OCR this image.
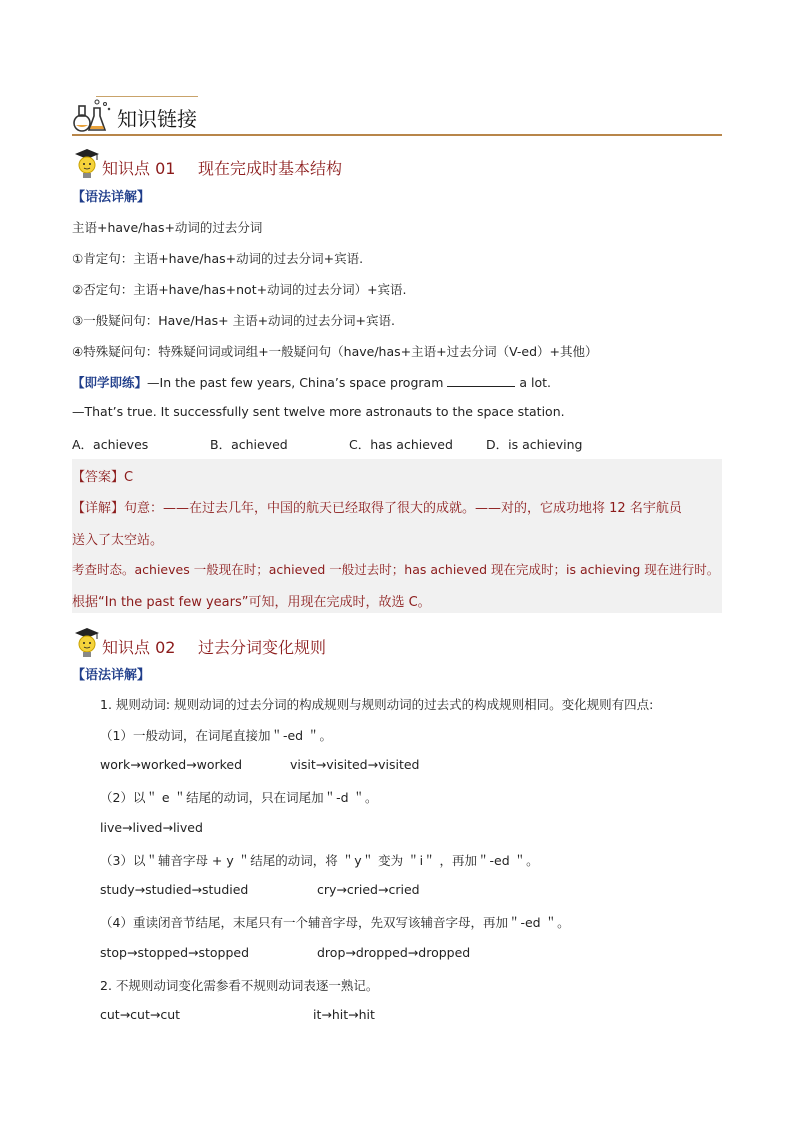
知识链接
知识点 01 现在完成时基本结构
【语法详解】
主语+have/has+动词的过去分词
①肯定句：主语+have/has+动词的过去分词+宾语.
②否定句：主语+have/has+not+动词的过去分词）+宾语.
③一般疑问句：Have/Has+ 主语+动词的过去分词+宾语.
④特殊疑问句：特殊疑问词或词组+一般疑问句（have/has+主语+过去分词（V-ed）+其他）
【即学即练】—In the past few years, China’s space program	a lot.
—That’s true. It successfully sent twelve more astronauts to the space station.
A．achieves	B．achieved	C．has achieved	D．is achieving
【答案】C
【详解】句意：——在过去几年，中国的航天已经取得了很大的成就。——对的，它成功地将 12 名宇航员
送入了太空站。
考查时态。achieves 一般现在时；achieved 一般过去时；has achieved 现在完成时；is achieving 现在进行时。
根据“In the past few years”可知，用现在完成时，故选 C。
知识点 02 过去分词变化规则
【语法详解】
1. 规则动词: 规则动词的过去分词的构成规则与规则动词的过去式的构成规则相同。变化规则有四点:
（1）一般动词，在词尾直接加＂-ed ＂。
work→worked→worked	visit→visited→visited
（2）以＂ e ＂结尾的动词，只在词尾加＂-d ＂。
live→lived→lived
（3）以＂辅音字母 + y ＂结尾的动词，将 ＂y＂ 变为 ＂i＂ ，再加＂-ed ＂。
study→studied→studied	cry→cried→cried
（4）重读闭音节结尾，末尾只有一个辅音字母，先双写该辅音字母，再加＂-ed ＂。
stop→stopped→stopped	drop→dropped→dropped
2. 不规则动词变化需参看不规则动词表逐一熟记。
cut→cut→cut	it→hit→hit
